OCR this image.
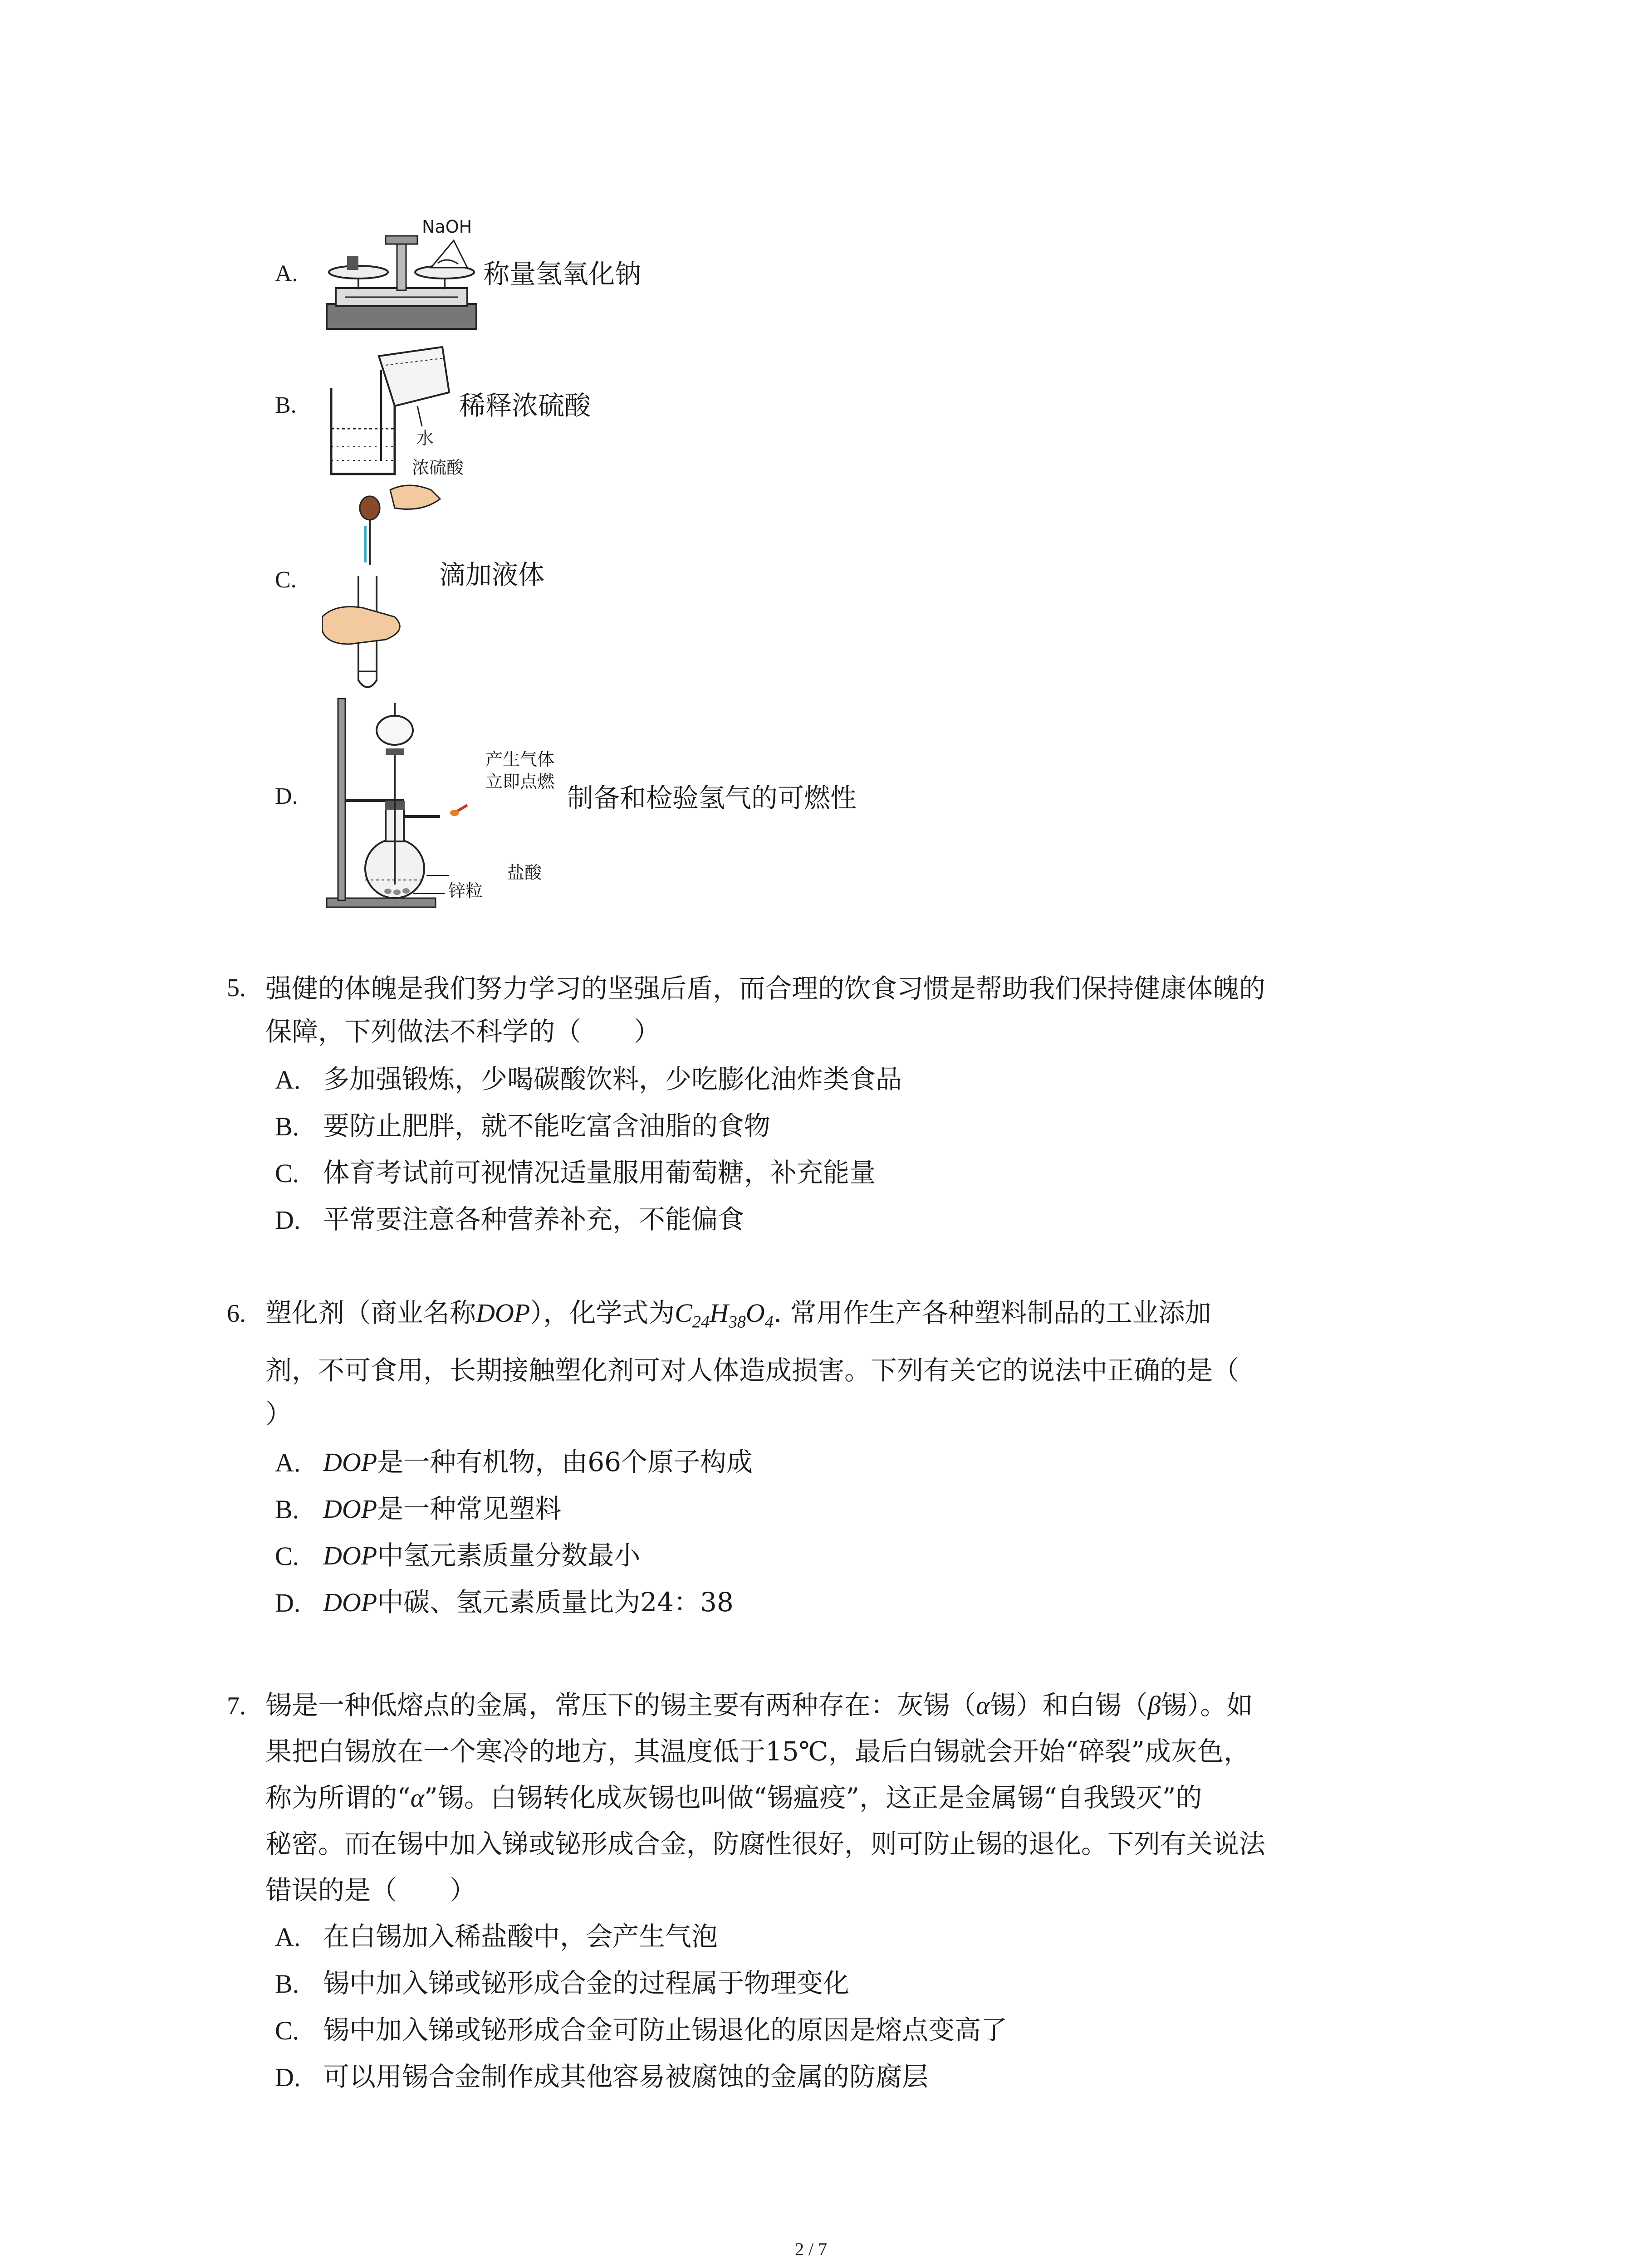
A.
NaOH
称量氢氧化钠
B.
水
浓硫酸
稀释浓硫酸
C.	滴加液体
D.
产生气体
立即点燃
盐酸
锌粒
制备和检验氢气的可燃性
5. 强健的体魄是我们努力学习的坚强后盾，而合理的饮食习惯是帮助我们保持健康体魄的
保障，下列做法不科学的（　　）
A. 多加强锻炼，少喝碳酸饮料，少吃膨化油炸类食品
B. 要防止肥胖，就不能吃富含油脂的食物
C. 体育考试前可视情况适量服用葡萄糖，补充能量
D. 平常要注意各种营养补充，不能偏食
6. 塑化剂（商业名称DOP），化学式为$C_{24}H_{38}O_4$. 常用作生产各种塑料制品的工业添加
剂，不可食用，长期接触塑化剂可对人体造成损害。下列有关它的说法中正确的是（
）
A. DOP是一种有机物，由66个原子构成
B. DOP是一种常见塑料
C. DOP中氢元素质量分数最小
D. DOP中碳、氢元素质量比为24：38
7. 锡是一种低熔点的金属，常压下的锡主要有两种存在：灰锡（α锡）和白锡（β锡）。如
果把白锡放在一个寒冷的地方，其温度低于15℃，最后白锡就会开始“碎裂”成灰色，
称为所谓的“α”锡。白锡转化成灰锡也叫做“锡瘟疫”，这正是金属锡“自我毁灭”的
秘密。而在锡中加入锑或铋形成合金，防腐性很好，则可防止锡的退化。下列有关说法
错误的是（　　）
A. 在白锡加入稀盐酸中，会产生气泡
B. 锡中加入锑或铋形成合金的过程属于物理变化
C. 锡中加入锑或铋形成合金可防止锡退化的原因是熔点变高了
D. 可以用锡合金制作成其他容易被腐蚀的金属的防腐层
2 / 7
